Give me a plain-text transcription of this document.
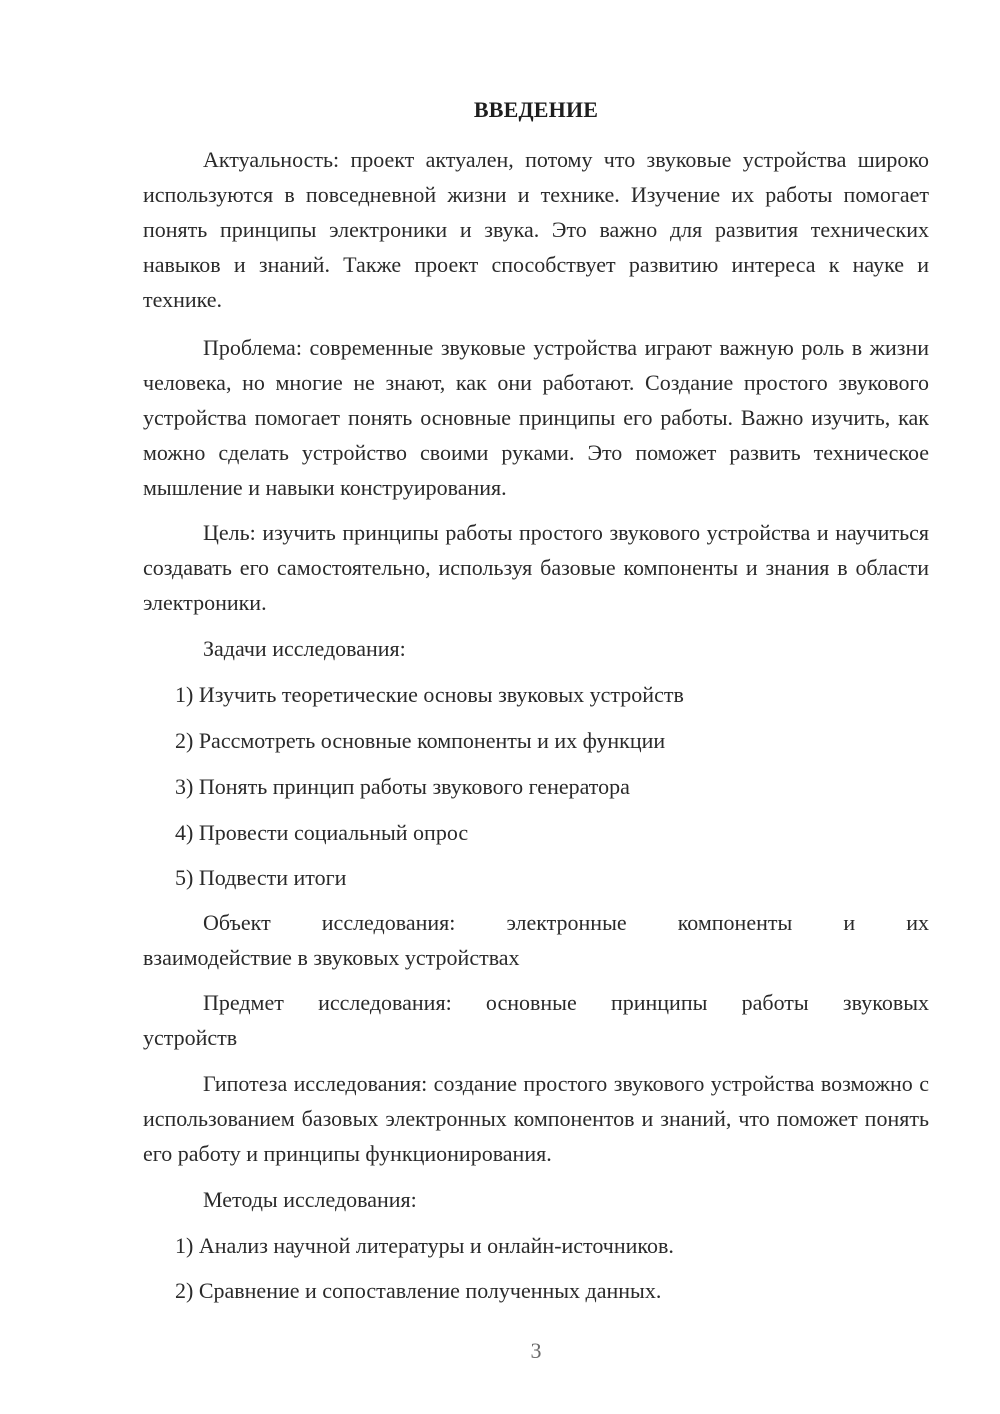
ВВЕДЕНИЕ

Актуальность: проект актуален, потому что звуковые устройства широко используются в повседневной жизни и технике. Изучение их работы помогает понять принципы электроники и звука. Это важно для развития технических навыков и знаний. Также проект способствует развитию интереса к науке и технике.

Проблема: современные звуковые устройства играют важную роль в жизни человека, но многие не знают, как они работают. Создание простого звукового устройства помогает понять основные принципы его работы. Важно изучить, как можно сделать устройство своими руками. Это поможет развить техническое мышление и навыки конструирования.

Цель: изучить принципы работы простого звукового устройства и научиться создавать его самостоятельно, используя базовые компоненты и знания в области электроники.

Задачи исследования:

1) Изучить теоретические основы звуковых устройств

2) Рассмотреть основные компоненты и их функции

3) Понять принцип работы звукового генератора

4) Провести социальный опрос

5) Подвести итоги

Объект исследования: электронные компоненты и их

взаимодействие в звуковых устройствах

Предмет исследования: основные принципы работы звуковых

устройств

Гипотеза исследования: создание простого звукового устройства возможно с использованием базовых электронных компонентов и знаний, что поможет понять его работу и принципы функционирования.

Методы исследования:

1) Анализ научной литературы и онлайн-источников.

2) Сравнение и сопоставление полученных данных.

3
